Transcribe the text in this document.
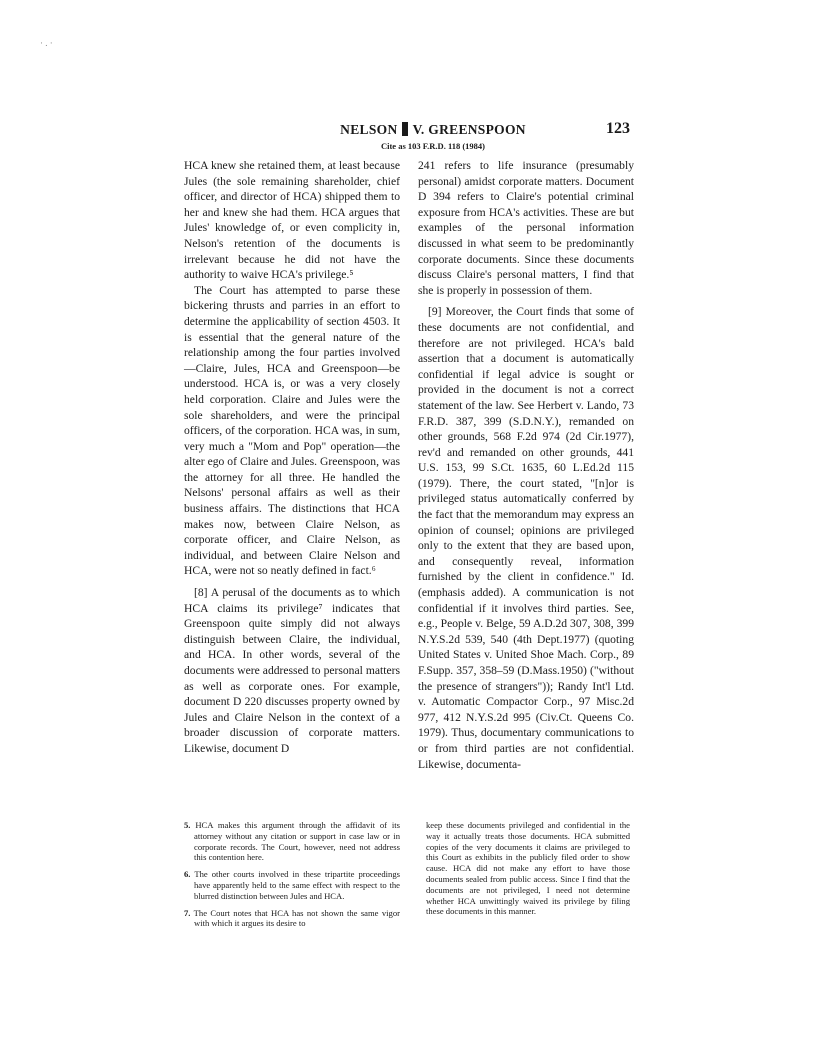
· . ·
NELSON V. GREENSPOON
Cite as 103 F.R.D. 118 (1984)
123

HCA knew she retained them, at least because Jules (the sole remaining shareholder, chief officer, and director of HCA) shipped them to her and knew she had them. HCA argues that Jules' knowledge of, or even complicity in, Nelson's retention of the documents is irrelevant because he did not have the authority to waive HCA's privilege.⁵

The Court has attempted to parse these bickering thrusts and parries in an effort to determine the applicability of section 4503. It is essential that the general nature of the relationship among the four parties involved—Claire, Jules, HCA and Greenspoon—be understood. HCA is, or was a very closely held corporation. Claire and Jules were the sole shareholders, and were the principal officers, of the corporation. HCA was, in sum, very much a "Mom and Pop" operation—the alter ego of Claire and Jules. Greenspoon, was the attorney for all three. He handled the Nelsons' personal affairs as well as their business affairs. The distinctions that HCA makes now, between Claire Nelson, as corporate officer, and Claire Nelson, as individual, and between Claire Nelson and HCA, were not so neatly defined in fact.⁶

[8] A perusal of the documents as to which HCA claims its privilege⁷ indicates that Greenspoon quite simply did not always distinguish between Claire, the individual, and HCA. In other words, several of the documents were addressed to personal matters as well as corporate ones. For example, document D 220 discusses property owned by Jules and Claire Nelson in the context of a broader discussion of corporate matters. Likewise, document D

241 refers to life insurance (presumably personal) amidst corporate matters. Document D 394 refers to Claire's potential criminal exposure from HCA's activities. These are but examples of the personal information discussed in what seem to be predominantly corporate documents. Since these documents discuss Claire's personal matters, I find that she is properly in possession of them.

[9] Moreover, the Court finds that some of these documents are not confidential, and therefore are not privileged. HCA's bald assertion that a document is automatically confidential if legal advice is sought or provided in the document is not a correct statement of the law. See Herbert v. Lando, 73 F.R.D. 387, 399 (S.D.N.Y.), remanded on other grounds, 568 F.2d 974 (2d Cir.1977), rev'd and remanded on other grounds, 441 U.S. 153, 99 S.Ct. 1635, 60 L.Ed.2d 115 (1979). There, the court stated, "[n]or is privileged status automatically conferred by the fact that the memorandum may express an opinion of counsel; opinions are privileged only to the extent that they are based upon, and consequently reveal, information furnished by the client in confidence." Id. (emphasis added). A communication is not confidential if it involves third parties. See, e.g., People v. Belge, 59 A.D.2d 307, 308, 399 N.Y.S.2d 539, 540 (4th Dept.1977) (quoting United States v. United Shoe Mach. Corp., 89 F.Supp. 357, 358–59 (D.Mass.1950) ("without the presence of strangers")); Randy Int'l Ltd. v. Automatic Compactor Corp., 97 Misc.2d 977, 412 N.Y.S.2d 995 (Civ.Ct. Queens Co. 1979). Thus, documentary communications to or from third parties are not confidential. Likewise, documenta-

5. HCA makes this argument through the affidavit of its attorney without any citation or support in case law or in corporate records. The Court, however, need not address this contention here.
6. The other courts involved in these tripartite proceedings have apparently held to the same effect with respect to the blurred distinction between Jules and HCA.
7. The Court notes that HCA has not shown the same vigor with which it argues its desire to
keep these documents privileged and confidential in the way it actually treats those documents. HCA submitted copies of the very documents it claims are privileged to this Court as exhibits in the publicly filed order to show cause. HCA did not make any effort to have those documents sealed from public access. Since I find that the documents are not privileged, I need not determine whether HCA unwittingly waived its privilege by filing these documents in this manner.
